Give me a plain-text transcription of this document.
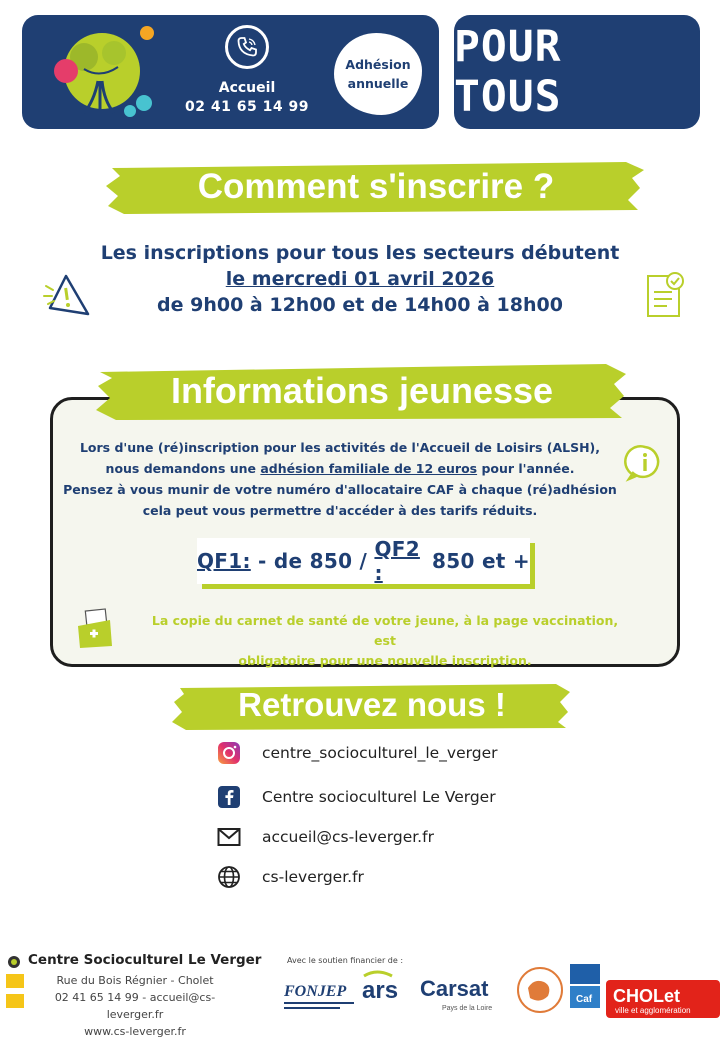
Accueil
02 41 65 14 99
Adhésion
annuelle
POUR TOUS
Comment s'inscrire ?
Les inscriptions pour tous les secteurs débutent
le mercredi 01 avril 2026
de 9h00 à 12h00 et de 14h00 à 18h00
Informations jeunesse
Lors d'une (ré)inscription pour les activités de l'Accueil de Loisirs (ALSH),
nous demandons une adhésion familiale de 12 euros pour l'année.
Pensez à vous munir de votre numéro d'allocataire CAF à chaque (ré)adhésion
cela peut vous permettre d'accéder à des tarifs réduits.
QF1: - de 850 / QF2 :	850 et +
La copie du carnet de santé de votre jeune, à la page vaccination, est
obligatoire pour une nouvelle inscription.
Retrouvez nous !
centre_socioculturel_le_verger
Centre socioculturel Le Verger
accueil@cs-leverger.fr
cs-leverger.fr
Centre Socioculturel Le Verger
Rue du Bois Régnier - Cholet
02 41 65 14 99 - accueil@cs-leverger.fr
www.cs-leverger.fr
Avec le soutien financier de :
FONJEP ars Carsat
Pays de la Loire
Caf CHOLet
ville et agglomération
